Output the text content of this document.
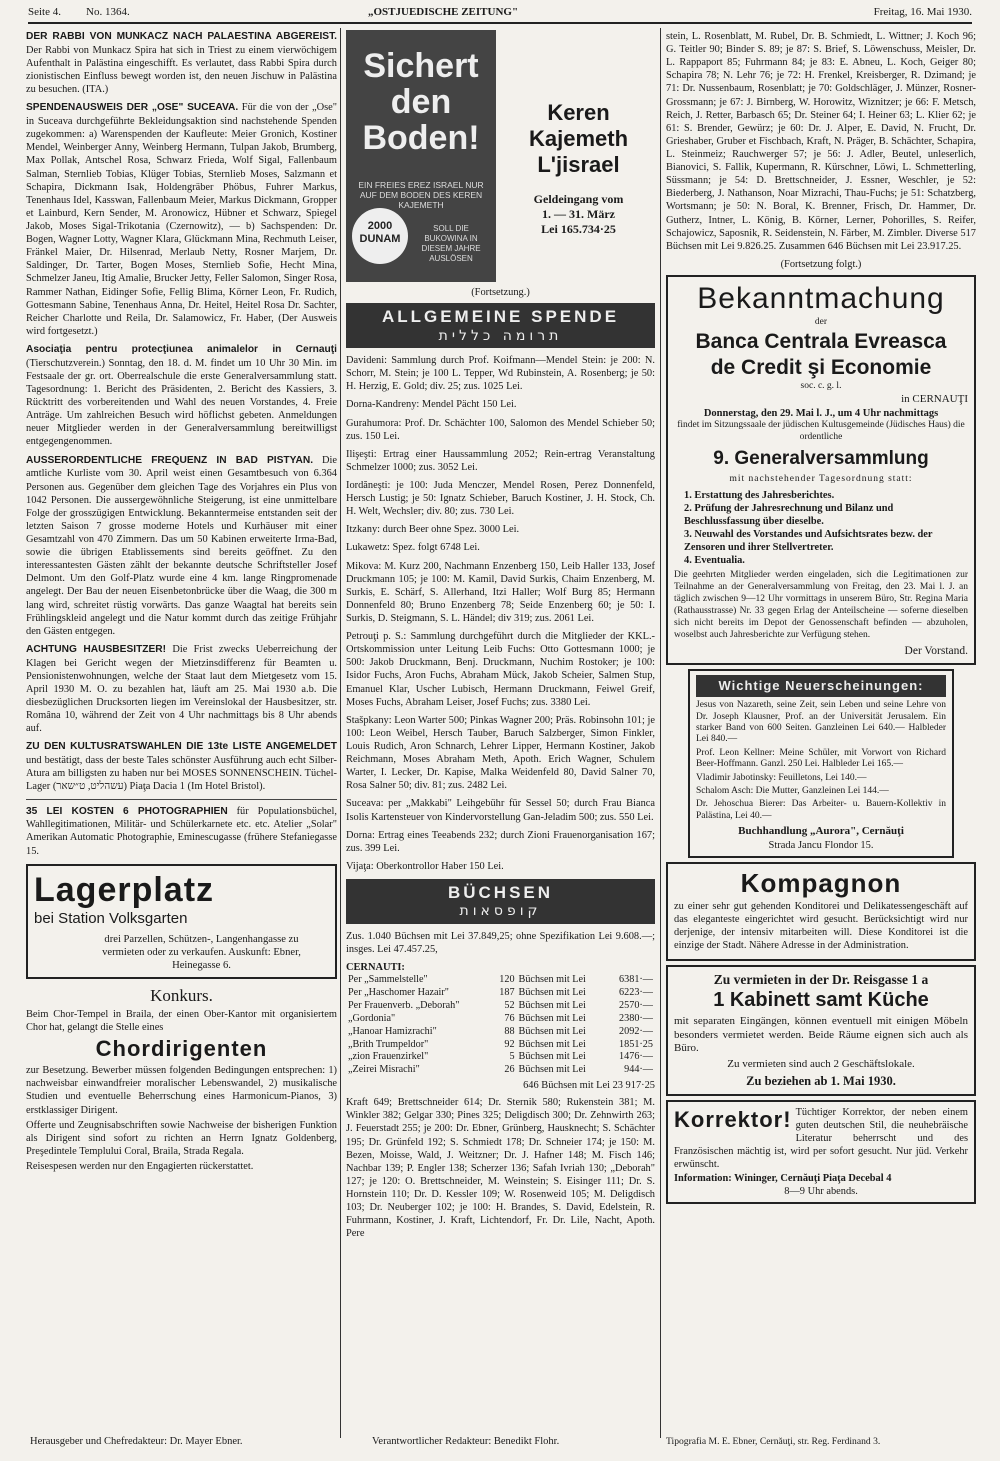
Seite 4. No. 1364.	„OSTJUEDISCHE ZEITUNG"	Freitag, 16. Mai 1930.

DER RABBI VON MUNKACZ NACH PALAESTINA ABGEREIST. Der Rabbi von Munkacz Spira hat sich in Triest zu einem vierwöchigem Aufenthalt in Palästina eingeschifft. Es verlautet, dass Rabbi Spira durch zionistischen Einfluss bewegt worden ist, den neuen Jischuw in Palästina zu besuchen. (ITA.)

SPENDENAUSWEIS DER „OSE" SUCEAVA. Für die von der „Ose" in Suceava durchgeführte Bekleidungsaktion sind nachstehende Spenden zugekommen: a) Warenspenden der Kaufleute: Meier Gronich, Kostiner Mendel, Weinberger Anny, Weinberg Hermann, Tulpan Jakob, Brumberg, Max Pollak, Antschel Rosa, Schwarz Frieda, Wolf Sigal, Fallenbaum Salman, Sternlieb Tobias, Klüger Tobias, Sternlieb Moses, Salzmann et Schapira, Dickmann Isak, Holdengräber Phöbus, Fuhrer Markus, Tenenhaus Idel, Kasswan, Fallenbaum Meier, Markus Dickmann, Gropper et Lainburd, Kern Sender, M. Aronowicz, Hübner et Schwarz, Spiegel Jakob, Moses Sigal-Trikotania (Czernowitz), — b) Sachspenden: Dr. Bogen, Wagner Lotty, Wagner Klara, Glückmann Mina, Rechmuth Leiser, Fränkel Maier, Dr. Hilsenrad, Merlaub Netty, Rosner Marjem, Dr. Saldinger, Dr. Tarter, Bogen Moses, Sternlieb Sofie, Hecht Mina, Schmelzer Janeu, Itig Amalie, Brucker Jetty, Feller Salomon, Singer Rosa, Rammer Nathan, Eidinger Sofie, Fellig Blima, Körner Leon, Fr. Rudich, Gottesmann Sabine, Tenenhaus Anna, Dr. Heitel, Heitel Rosa Dr. Sachter, Reicher Charlotte und Reila, Dr. Salamowicz, Fr. Haber, (Der Ausweis wird fortgesetzt.)

Asociaţia pentru protecţiunea animalelor in Cernauţi (Tierschutzverein.) Sonntag, den 18. d. M. findet um 10 Uhr 30 Min. im Festsaale der gr. ort. Oberrealschule die erste Generalversammlung statt. Tagesordnung: 1. Bericht des Präsidenten, 2. Bericht des Kassiers, 3. Rücktritt des vorbereitenden und Wahl des neuen Vorstandes, 4. Freie Anträge. Um zahlreichen Besuch wird höflichst gebeten. Anmeldungen neuer Mitglieder werden in der Generalversammlung bereitwilligst entgegengenommen.

AUSSERORDENTLICHE FREQUENZ IN BAD PISTYAN. Die amtliche Kurliste vom 30. April weist einen Gesamtbesuch von 6.364 Personen aus. Gegenüber dem gleichen Tage des Vorjahres ein Plus von 1042 Personen. Die aussergewöhnliche Steigerung, ist eine unmittelbare Folge der grosszügigen Entwicklung. Bekanntermeise entstanden seit der letzten Saison 7 grosse moderne Hotels und Kurhäuser mit einer Gesamtzahl von 470 Zimmern. Das um 50 Kabinen erweiterte Irma-Bad, sowie die übrigen Etablissements sind bereits geöffnet. Zu den interessantesten Gästen zählt der bekannte deutsche Schriftsteller Josef Delmont. Um den Golf-Platz wurde eine 4 km. lange Ringpromenade angelegt. Der Bau der neuen Eisenbetonbrücke über die Waag, die 300 m lang wird, schreitet rüstig vorwärts. Das ganze Waagtal hat bereits sein Frühlingskleid angelegt und die Natur kommt durch das zeitige Frühjahr den Gästen entgegen.

ACHTUNG HAUSBESITZER! Die Frist zwecks Ueberreichung der Klagen bei Gericht wegen der Mietzinsdifferenz für Beamten u. Pensionistenwohnungen, welche der Staat laut dem Mietgesetz vom 15. April 1930 M. O. zu bezahlen hat, läuft am 25. Mai 1930 a.b. Die diesbezüglichen Drucksorten liegen im Vereinslokal der Hausbesitzer, str. Româna 10, während der Zeit von 4 Uhr nachmittags bis 8 Uhr abends auf.

ZU DEN KULTUSRATSWAHLEN DIE 13te LISTE ANGEMELDET und bestätigt, dass der beste Tales schönster Ausführung auch echt Silber-Atura am billigsten zu haben nur bei MOSES SONNENSCHEIN. Tüchel-Lager (עשהליט, ט״שאר) Piaţa Dacia 1 (Im Hotel Bristol).

35 LEI KOSTEN 6 PHOTOGRAPHIEN für Populationsbüchel, Wahllegitimationen, Militär- und Schülerkarnete etc. etc. Atelier „Solar" Amerikan Automatic Photographie, Eminescugasse (frühere Stefaniegasse 15.

Lagerplatz
bei Station Volksgarten

drei Parzellen, Schützen-, Langenhangasse zu vermieten oder zu verkaufen. Auskunft: Ebner, Heinegasse 6.

Konkurs.

Beim Chor-Tempel in Braila, der einen Ober-Kantor mit organisiertem Chor hat, gelangt die Stelle eines

Chordirigenten

zur Besetzung. Bewerber müssen folgenden Bedingungen entsprechen: 1) nachweisbar einwandfreier moralischer Lebenswandel, 2) musikalische Studien und eventuelle Beherrschung eines Harmonicum-Pianos, 3) erstklassiger Dirigent.

Offerte und Zeugnisabschriften sowie Nachweise der bisherigen Funktion als Dirigent sind sofort zu richten an Herrn Ignatz Goldenberg, Preşedintele Templului Coral, Braila, Strada Regala.

Reisespesen werden nur den Engagierten rückerstattet.

Sichert den Boden!
EIN FREIES EREZ ISRAEL NUR AUF DEM BODEN DES KEREN KAJEMETH
2000 DUNAM
SOLL DIE BUKOWINA IN DIESEM JAHRE AUSLÖSEN
Keren Kajemeth
L'jisrael
Geldeingang vom
1. — 31. März
Lei 165.734·25
(Fortsetzung.)
ALLGEMEINE SPENDE
תרומה כללית

Davideni: Sammlung durch Prof. Koifmann—Mendel Stein: je 200: N. Schorr, M. Stein; je 100 L. Tepper, Wd Rubinstein, A. Rosenberg; je 50: H. Herzig, E. Gold; div. 25; zus. 1025 Lei.

Dorna-Kandreny: Mendel Pächt 150 Lei.

Gurahumora: Prof. Dr. Schächter 100, Salomon des Mendel Schieber 50; zus. 150 Lei.

Ilişeşti: Ertrag einer Haussammlung 2052; Rein-ertrag Veranstaltung Schmelzer 1000; zus. 3052 Lei.

Iordăneşti: je 100: Juda Menczer, Mendel Rosen, Perez Donnenfeld, Hersch Lustig; je 50: Ignatz Schieber, Baruch Kostiner, J. H. Stock, Ch. H. Welt, Wechsler; div. 80; zus. 730 Lei.

Itzkany: durch Beer ohne Spez. 3000 Lei.

Lukawetz: Spez. folgt 6748 Lei.

Mikova: M. Kurz 200, Nachmann Enzenberg 150, Leib Haller 133, Josef Druckmann 105; je 100: M. Kamil, David Surkis, Chaim Enzenberg, M. Surkis, E. Schärf, S. Allerhand, Itzi Haller; Wolf Burg 85; Hermann Donnenfeld 80; Bruno Enzenberg 78; Seide Enzenberg 60; je 50: I. Surkis, D. Steigmann, S. L. Händel; div 319; zus. 2061 Lei.

Petrouţi p. S.: Sammlung durchgeführt durch die Mitglieder der KKL.-Ortskommission unter Leitung Leib Fuchs: Otto Gottesmann 1000; je 500: Jakob Druckmann, Benj. Druckmann, Nuchim Rostoker; je 100: Isidor Fuchs, Aron Fuchs, Abraham Mück, Jakob Scheier, Salmen Stup, Emanuel Klar, Uscher Lubisch, Hermann Druckmann, Feiwel Greif, Moses Fuchs, Abraham Leiser, Josef Fuchs; zus. 3380 Lei.

Stašpkany: Leon Warter 500; Pinkas Wagner 200; Präs. Robinsohn 101; je 100: Leon Weibel, Hersch Tauber, Baruch Salzberger, Simon Finkler, Louis Rudich, Aron Schnarch, Lehrer Lipper, Hermann Kostiner, Jakob Reichmann, Moses Abraham Meth, Apoth. Erich Wagner, Schulem Warter, I. Lecker, Dr. Kapise, Malka Weidenfeld 80, David Salner 70, Rosa Salner 50; div. 81; zus. 2482 Lei.

Suceava: per „Makkabi" Leihgebühr für Sessel 50; durch Frau Bianca Isolis Kartensteuer von Kindervorstellung Gan-Jeladim 500; zus. 550 Lei.

Dorna: Ertrag eines Teeabends 232; durch Zioni Frauenorganisation 167; zus. 399 Lei.

Vijaţa: Oberkontrollor Haber 150 Lei.

BÜCHSEN
קופסאות

Zus. 1.040 Büchsen mit Lei 37.849,25; ohne Spezifikation Lei 9.608.—; insges. Lei 47.457.25,

CERNAUTI:
Per „Sammelstelle"	120	Büchsen mit Lei	6381·—
Per „Haschomer Hazair"	187	Büchsen mit Lei	6223·—
Per Frauenverb. „Deborah"	52	Büchsen mit Lei	2570·—
„Gordonia"	76	Büchsen mit Lei	2380·—
„Hanoar Hamizrachi"	88	Büchsen mit Lei	2092·—
„Brith Trumpeldor"	92	Büchsen mit Lei	1851·25
„zion Frauenzirkel"	5	Büchsen mit Lei	1476·—
„Zeirei Misrachi"	26	Büchsen mit Lei	944·—
646 Büchsen mit Lei 23 917·25

Kraft 649; Brettschneider 614; Dr. Sternik 580; Rukenstein 381; M. Winkler 382; Gelgar 330; Pines 325; Deligdisch 300; Dr. Zehnwirth 263; J. Feuerstadt 255; je 200: Dr. Ebner, Grünberg, Hausknecht; S. Schächter 195; Dr. Grünfeld 192; S. Schmiedt 178; Dr. Schneier 174; je 150: M. Bezen, Moisse, Wald, J. Weitzner; Dr. J. Hafner 148; M. Fisch 146; Nachbar 139; P. Engler 138; Scherzer 136; Safah Ivriah 130; „Deborah" 127; je 120: O. Brettschneider, M. Weinstein; S. Eisinger 111; Dr. S. Hornstein 110; Dr. D. Kessler 109; W. Rosenweid 105; M. Deligdisch 103; Dr. Neuberger 102; je 100: H. Brandes, S. David, Edelstein, R. Fuhrmann, Kostiner, J. Kraft, Lichtendorf, Fr. Dr. Lile, Nacht, Apoth. Pere

stein, L. Rosenblatt, M. Rubel, Dr. B. Schmiedt, L. Wittner; J. Koch 96; G. Teitler 90; Binder S. 89; je 87: S. Brief, S. Löwenschuss, Meisler, Dr. L. Rappaport 85; Fuhrmann 84; je 83: E. Abneu, L. Koch, Geiger 80; Schapira 78; N. Lehr 76; je 72: H. Frenkel, Kreisberger, R. Dzimand; je 71: Dr. Nussenbaum, Rosenblatt; je 70: Goldschläger, J. Münzer, Rosner-Grossmann; je 67: J. Birnberg, W. Horowitz, Wiznitzer; je 66: F. Metsch, Reich, J. Retter, Barbasch 65; Dr. Steiner 64; I. Heiner 63; L. Klier 62; je 61: S. Brender, Gewürz; je 60: Dr. J. Alper, E. David, N. Frucht, Dr. Grieshaber, Gruber et Fischbach, Kraft, N. Präger, B. Schächter, Schapira, L. Steinmeiz; Rauchwerger 57; je 56: J. Adler, Beutel, unleserlich, Bianovici, S. Fallik, Kupermann, R. Kürschner, Löwi, L. Schmetterling, Süssmann; je 54: D. Brettschneider, J. Essner, Weschler, je 52: Biederberg, J. Nathanson, Noar Mizrachi, Thau-Fuchs; je 51: Schatzberg, Wortsmann; je 50: N. Boral, K. Brenner, Frisch, Dr. Hammer, Dr. Gutherz, Intner, L. König, B. Körner, Lerner, Pohorilles, S. Reifer, Schajowicz, Saposnik, R. Seidenstein, N. Färber, M. Zimbler. Diverse 517 Büchsen mit Lei 9.826.25. Zusammen 646 Büchsen mit Lei 23.917.25.

(Fortsetzung folgt.)
Bekanntmachung
der
Banca Centrala Evreasca
de Credit şi Economie
soc. c. g. l.
in CERNAUŢI
Donnerstag, den 29. Mai l. J., um 4 Uhr nachmittags
findet im Sitzungssaale der jüdischen Kultusgemeinde (Jüdisches Haus) die ordentliche
9. Generalversammlung
mit nachstehender Tagesordnung statt:
1. Erstattung des Jahresberichtes.
2. Prüfung der Jahresrechnung und Bilanz und Beschlussfassung über dieselbe.
3. Neuwahl des Vorstandes und Aufsichtsrates bezw. der Zensoren und ihrer Stellvertreter.
4. Eventualia.

Die geehrten Mitglieder werden eingeladen, sich die Legitimationen zur Teilnahme an der Generalversammlung von Freitag, den 23. Mai l. J. an täglich zwischen 9—12 Uhr vormittags in unserem Büro, Str. Regina Maria (Rathausstrasse) Nr. 33 gegen Erlag der Anteilscheine — soferne dieselben sich nicht bereits im Depot der Genossenschaft befinden — abzuholen, woselbst auch Jahresberichte zur Verfügung stehen.

Der Vorstand.
Wichtige Neuerscheinungen:
Jesus von Nazareth, seine Zeit, sein Leben und seine Lehre von Dr. Joseph Klausner, Prof. an der Universität Jerusalem. Ein starker Band von 600 Seiten. Ganzleinen Lei 640.— Halbleder Lei 840.—
Prof. Leon Kellner: Meine Schüler, mit Vorwort von Richard Beer-Hoffmann. Ganzl. 250 Lei. Halbleder Lei 165.—
Vladimir Jabotinsky: Feuilletons, Lei 140.—
Schalom Asch: Die Mutter, Ganzleinen Lei 144.—
Dr. Jehoschua Bierer: Das Arbeiter- u. Bauern-Kollektiv in Palästina, Lei 40.—
Buchhandlung „Aurora", Cernăuţi
Strada Jancu Flondor 15.
Kompagnon

zu einer sehr gut gehenden Konditorei und Delikatessengeschäft auf das eleganteste eingerichtet wird gesucht. Berücksichtigt wird nur derjenige, der intensiv mitarbeiten will. Diese Konditorei ist die einzige der Stadt. Nähere Adresse in der Administration.

Zu vermieten in der Dr. Reisgasse 1 a
1 Kabinett samt Küche

mit separaten Eingängen, können eventuell mit einigen Möbeln besonders vermietet werden. Beide Räume eignen sich auch als Büro.

Zu vermieten sind auch 2 Geschäftslokale.

Zu beziehen ab 1. Mai 1930.
Korrektor! Tüchtiger Korrektor, der neben einem guten deutschen Stil, die neuhebräische Literatur beherrscht und des Französischen mächtig ist, wird per sofort gesucht. Nur jüd. Verkehr erwünscht.

Information: Wininger, Cernăuţi Piaţa Decebal 4
8—9 Uhr abends.
Herausgeber und Chefredakteur: Dr. Mayer Ebner.	Verantwortlicher Redakteur: Benedikt Flohr.	Tipografia M. E. Ebner, Cernăuţi, str. Reg. Ferdinand 3.
